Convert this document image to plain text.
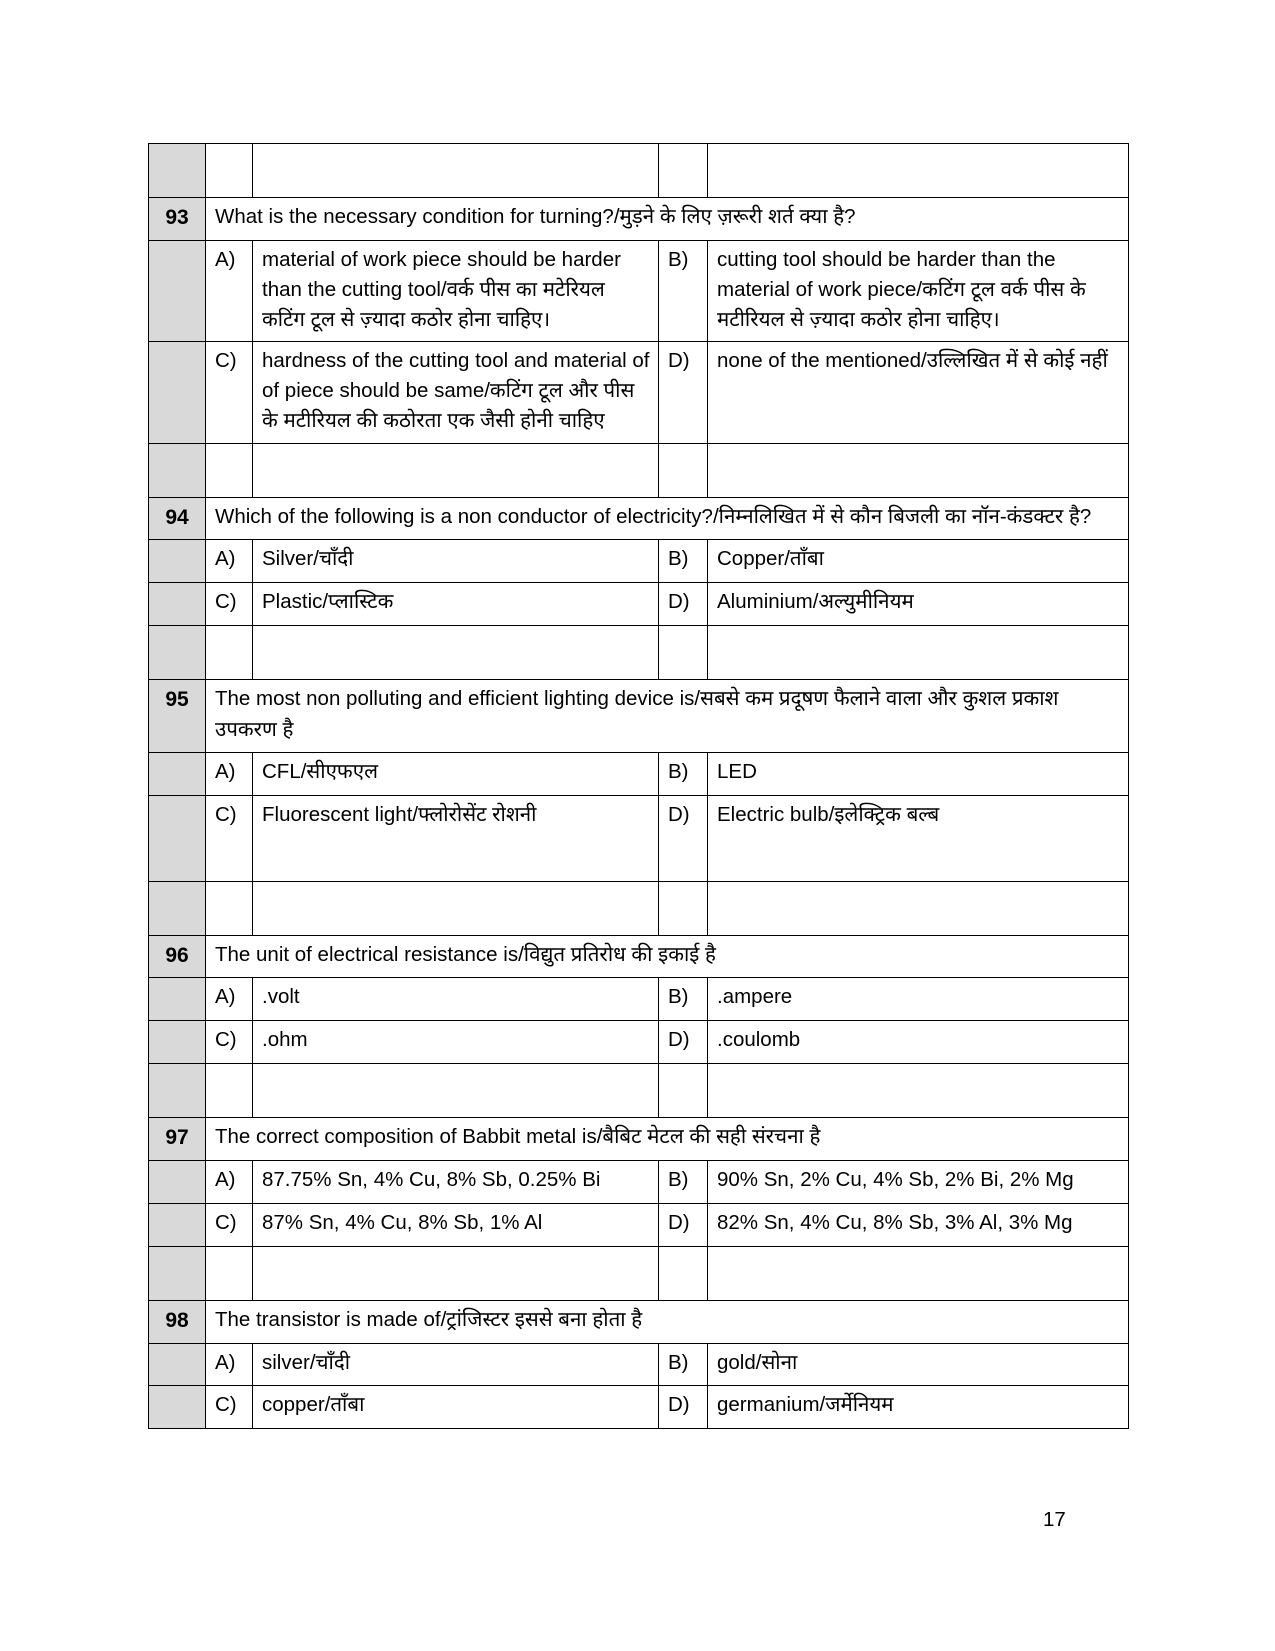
93	What is the necessary condition for turning?/मुड़ने के लिए ज़रूरी शर्त क्या है?			
	A)	material of work piece should be harder than the cutting tool/वर्क पीस का मटेरियल कटिंग टूल से ज़्यादा कठोर होना चाहिए।	B)	cutting tool should be harder than the material of work piece/कटिंग टूल वर्क पीस के मटीरियल से ज़्यादा कठोर होना चाहिए।
	C)	hardness of the cutting tool and material of of piece should be same/कटिंग टूल और पीस के मटीरियल की कठोरता एक जैसी होनी चाहिए	D)	none of the mentioned/उल्लिखित में से कोई नहीं

94	Which of the following is a non conductor of electricity?/निम्नलिखित में से कौन बिजली का नॉन-कंडक्टर है?			
	A)	Silver/चाँदी	B)	Copper/ताँबा
	C)	Plastic/प्लास्टिक	D)	Aluminium/अल्युमीनियम

95	The most non polluting and efficient lighting device is/सबसे कम प्रदूषण फैलाने वाला और कुशल प्रकाश उपकरण है			
	A)	CFL/सीएफएल	B)	LED
	C)	Fluorescent light/फ्लोरोसेंट रोशनी	D)	Electric bulb/इलेक्ट्रिक बल्ब

96	The unit of electrical resistance is/विद्युत प्रतिरोध की इकाई है			
	A)	.volt	B)	.ampere
	C)	.ohm	D)	.coulomb

97	The correct composition of Babbit metal is/बैबिट मेटल की सही संरचना है			
	A)	87.75% Sn, 4% Cu, 8% Sb, 0.25% Bi	B)	90% Sn, 2% Cu, 4% Sb, 2% Bi, 2% Mg
	C)	87% Sn, 4% Cu, 8% Sb, 1% Al	D)	82% Sn, 4% Cu, 8% Sb, 3% Al, 3% Mg

98	The transistor is made of/ट्रांजिस्टर इससे बना होता है			
	A)	silver/चाँदी	B)	gold/सोना
	C)	copper/ताँबा	D)	germanium/जर्मेनियम
17
